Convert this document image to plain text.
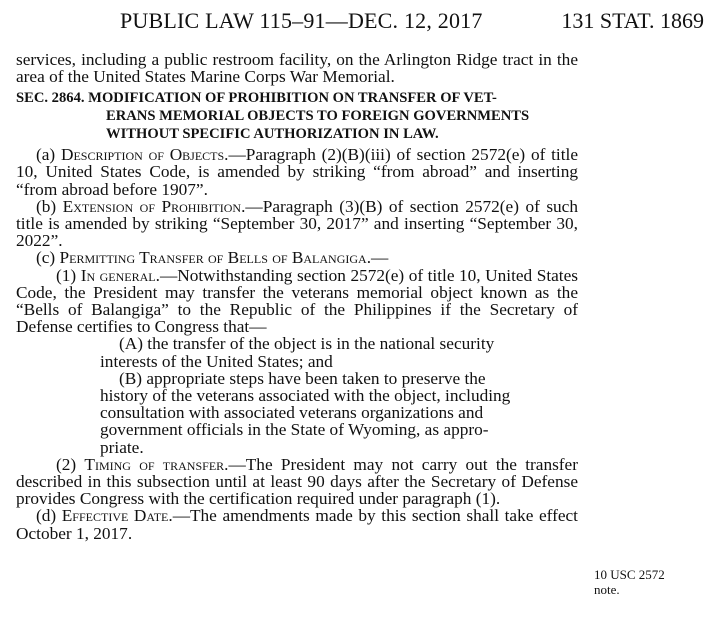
PUBLIC LAW 115–91—DEC. 12, 2017	131 STAT. 1869

services, including a public restroom facility, on the Arlington Ridge tract in the area of the United States Marine Corps War Memorial.

SEC. 2864. MODIFICATION OF PROHIBITION ON TRANSFER OF VET-
ERANS MEMORIAL OBJECTS TO FOREIGN GOVERNMENTS
WITHOUT SPECIFIC AUTHORIZATION IN LAW.

(a) Description of Objects.—Paragraph (2)(B)(iii) of section 2572(e) of title 10, United States Code, is amended by striking “from abroad” and inserting “from abroad before 1907”.

(b) Extension of Prohibition.—Paragraph (3)(B) of section 2572(e) of such title is amended by striking “September 30, 2017” and inserting “September 30, 2022”.

(c) Permitting Transfer of Bells of Balangiga.—

(1) In general.—Notwithstanding section 2572(e) of title 10, United States Code, the President may transfer the veterans memorial object known as the “Bells of Balangiga” to the Republic of the Philippines if the Secretary of Defense certifies to Congress that—

(A) the transfer of the object is in the national security
interests of the United States; and
(B) appropriate steps have been taken to preserve the
history of the veterans associated with the object, including
consultation with associated veterans organizations and
government officials in the State of Wyoming, as appro-
priate.

(2) Timing of transfer.—The President may not carry out the transfer described in this subsection until at least 90 days after the Secretary of Defense provides Congress with the certification required under paragraph (1).

(d) Effective Date.—The amendments made by this section shall take effect October 1, 2017.

10 USC 2572
note.
